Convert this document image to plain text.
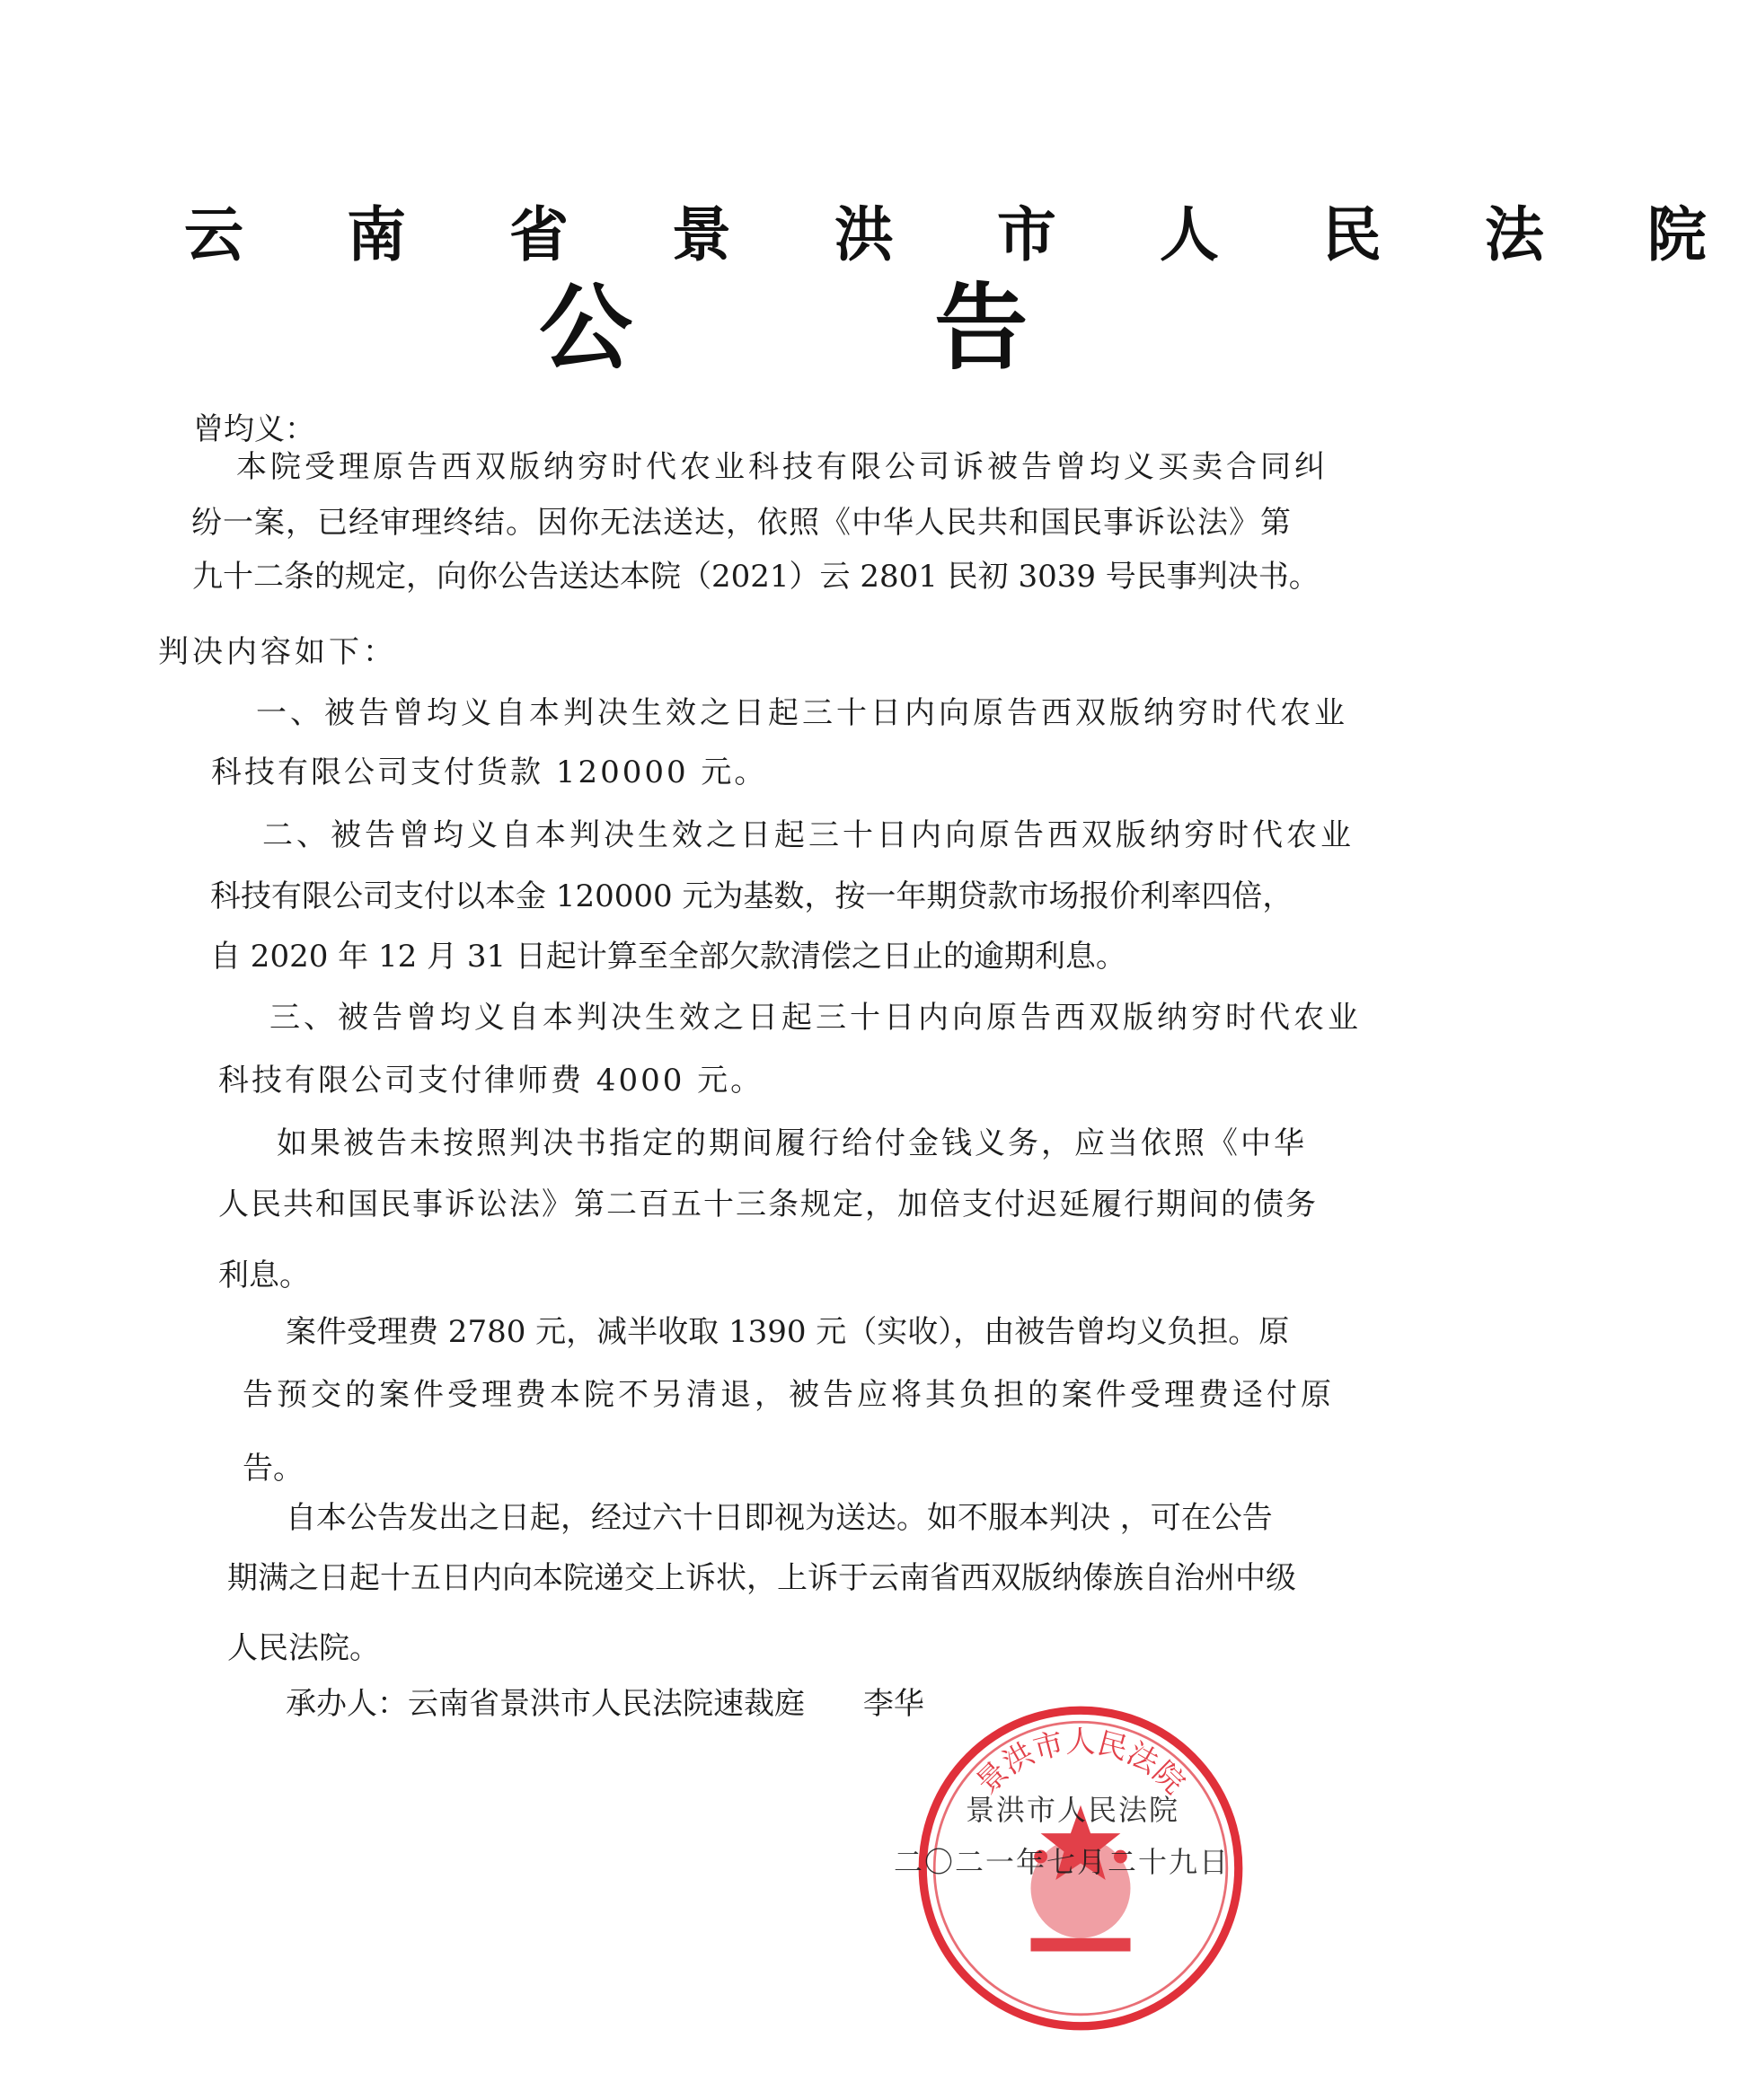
云 南 省 景 洪 市 人 民 法 院
公 告
曾均义：
本院受理原告西双版纳穷时代农业科技有限公司诉被告曾均义买卖合同纠
纷一案，已经审理终结。因你无法送达，依照《中华人民共和国民事诉讼法》第
九十二条的规定，向你公告送达本院（2021）云 2801 民初 3039 号民事判决书。
判决内容如下：
一、被告曾均义自本判决生效之日起三十日内向原告西双版纳穷时代农业
科技有限公司支付货款 120000 元。
二、被告曾均义自本判决生效之日起三十日内向原告西双版纳穷时代农业
科技有限公司支付以本金 120000 元为基数，按一年期贷款市场报价利率四倍，
自 2020 年 12 月 31 日起计算至全部欠款清偿之日止的逾期利息。
三、被告曾均义自本判决生效之日起三十日内向原告西双版纳穷时代农业
科技有限公司支付律师费 4000 元。
如果被告未按照判决书指定的期间履行给付金钱义务，应当依照《中华
人民共和国民事诉讼法》第二百五十三条规定，加倍支付迟延履行期间的债务
利息。
案件受理费 2780 元，减半收取 1390 元（实收），由被告曾均义负担。原
告预交的案件受理费本院不另清退，被告应将其负担的案件受理费迳付原
告。
自本公告发出之日起，经过六十日即视为送达。如不服本判决 ，可在公告
期满之日起十五日内向本院递交上诉状，上诉于云南省西双版纳傣族自治州中级
人民法院。
承办人：云南省景洪市人民法院速裁庭      李华
景洪市人民法院
景洪市人民法院
二〇二一年七月二十九日
